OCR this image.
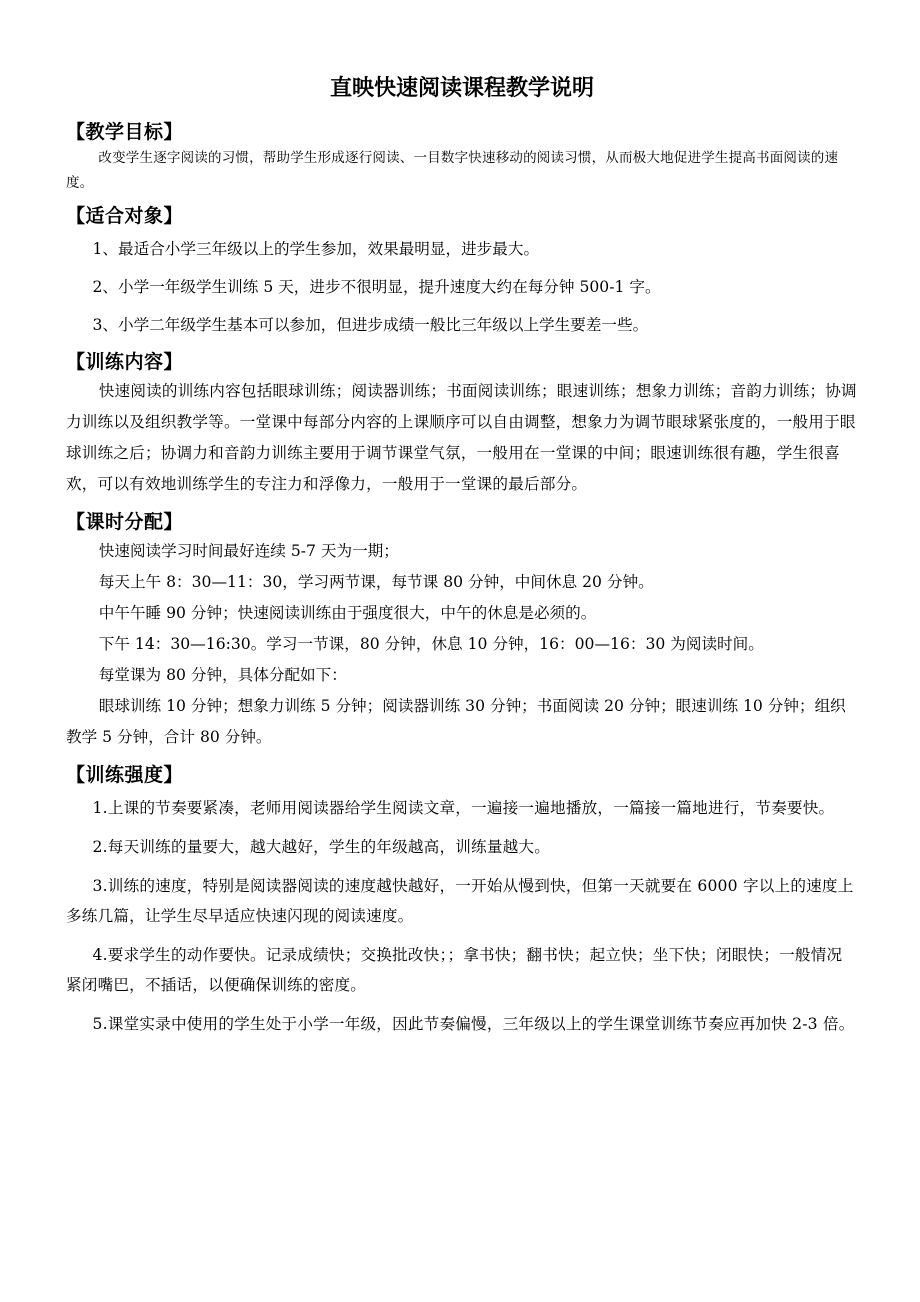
直映快速阅读课程教学说明
【教学目标】

改变学生逐字阅读的习惯，帮助学生形成逐行阅读、一目数字快速移动的阅读习惯，从而极大地促进学生提高书面阅读的速度。

【适合对象】

1、最适合小学三年级以上的学生参加，效果最明显，进步最大。

2、小学一年级学生训练 5 天，进步不很明显，提升速度大约在每分钟 500-1 字。

3、小学二年级学生基本可以参加，但进步成绩一般比三年级以上学生要差一些。

【训练内容】

快速阅读的训练内容包括眼球训练；阅读器训练；书面阅读训练；眼速训练；想象力训练；音韵力训练；协调力训练以及组织教学等。一堂课中每部分内容的上课顺序可以自由调整，想象力为调节眼球紧张度的，一般用于眼球训练之后；协调力和音韵力训练主要用于调节课堂气氛，一般用在一堂课的中间；眼速训练很有趣，学生很喜欢，可以有效地训练学生的专注力和浮像力，一般用于一堂课的最后部分。

【课时分配】

快速阅读学习时间最好连续 5-7 天为一期；

每天上午 8：30—11：30，学习两节课，每节课 80 分钟，中间休息 20 分钟。

中午午睡 90 分钟；快速阅读训练由于强度很大，中午的休息是必须的。

下午 14：30—16:30。学习一节课，80 分钟，休息 10 分钟，16：00—16：30 为阅读时间。

每堂课为 80 分钟，具体分配如下：

眼球训练 10 分钟；想象力训练 5 分钟；阅读器训练 30 分钟；书面阅读 20 分钟；眼速训练 10 分钟；组织教学 5 分钟，合计 80 分钟。

【训练强度】

1.上课的节奏要紧凑，老师用阅读器给学生阅读文章，一遍接一遍地播放，一篇接一篇地进行，节奏要快。

2.每天训练的量要大，越大越好，学生的年级越高，训练量越大。

3.训练的速度，特别是阅读器阅读的速度越快越好，一开始从慢到快，但第一天就要在 6000 字以上的速度上多练几篇，让学生尽早适应快速闪现的阅读速度。

4.要求学生的动作要快。记录成绩快；交换批改快；；拿书快；翻书快；起立快；坐下快；闭眼快；一般情况紧闭嘴巴，不插话，以便确保训练的密度。

5.课堂实录中使用的学生处于小学一年级，因此节奏偏慢，三年级以上的学生课堂训练节奏应再加快 2-3 倍。
